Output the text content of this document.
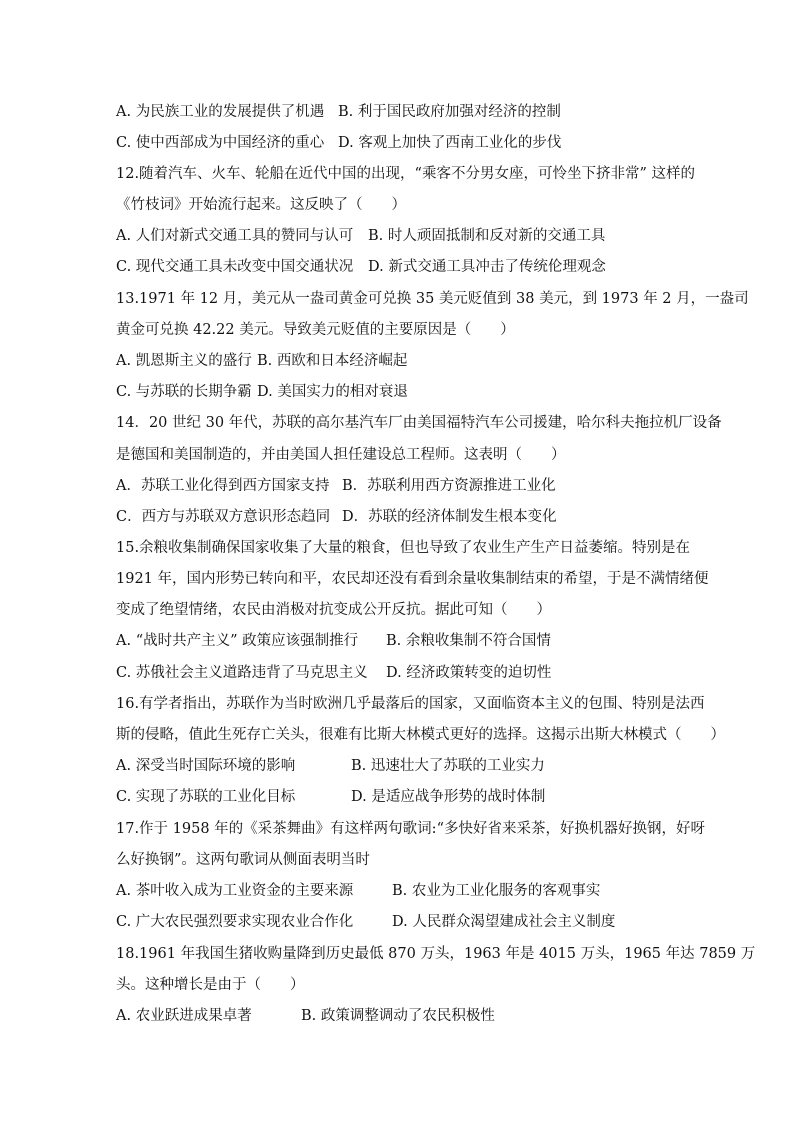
A. 为民族工业的发展提供了机遇 B. 利于国民政府加强对经济的控制
C. 使中西部成为中国经济的重心 D. 客观上加快了西南工业化的步伐
12.随着汽车、火车、轮船在近代中国的出现，“乘客不分男女座，可怜坐下挤非常” 这样的
《竹枝词》开始流行起来。这反映了（　　）
A. 人们对新式交通工具的赞同与认可 B. 时人顽固抵制和反对新的交通工具
C. 现代交通工具未改变中国交通状况 D. 新式交通工具冲击了传统伦理观念
13.1971 年 12 月，美元从一盎司黄金可兑换 35 美元贬值到 38 美元，到 1973 年 2 月，一盎司
黄金可兑换 42.22 美元。导致美元贬值的主要原因是（　　）
A. 凯恩斯主义的盛行 B. 西欧和日本经济崛起
C. 与苏联的长期争霸 D. 美国实力的相对衰退
14．20 世纪 30 年代，苏联的高尔基汽车厂由美国福特汽车公司援建，哈尔科夫拖拉机厂设备
是德国和美国制造的，并由美国人担任建设总工程师。这表明（　　）
A．苏联工业化得到西方国家支持 B．苏联利用西方资源推进工业化
C．西方与苏联双方意识形态趋同 D．苏联的经济体制发生根本变化
15.余粮收集制确保国家收集了大量的粮食，但也导致了农业生产生产日益萎缩。特别是在
1921 年，国内形势已转向和平，农民却还没有看到余量收集制结束的希望，于是不满情绪便
变成了绝望情绪，农民由消极对抗变成公开反抗。据此可知（　　）
A. “战时共产主义” 政策应该强制推行 B. 余粮收集制不符合国情
C. 苏俄社会主义道路违背了马克思主义 D. 经济政策转变的迫切性
16.有学者指出，苏联作为当时欧洲几乎最落后的国家，又面临资本主义的包围、特别是法西
斯的侵略，值此生死存亡关头，很难有比斯大林模式更好的选择。这揭示出斯大林模式（　　）
A. 深受当时国际环境的影响	B. 迅速壮大了苏联的工业实力
C. 实现了苏联的工业化目标	D. 是适应战争形势的战时体制
17.作于 1958 年的《采茶舞曲》有这样两句歌词:“多快好省来采茶，好换机器好换钢，好呀
么好换钢”。这两句歌词从侧面表明当时
A. 茶叶收入成为工业资金的主要来源	B. 农业为工业化服务的客观事实
C. 广大农民强烈要求实现农业合作化	D. 人民群众渴望建成社会主义制度
18.1961 年我国生猪收购量降到历史最低 870 万头，1963 年是 4015 万头，1965 年达 7859 万
头。这种增长是由于（　　）
A. 农业跃进成果卓著	B. 政策调整调动了农民积极性
